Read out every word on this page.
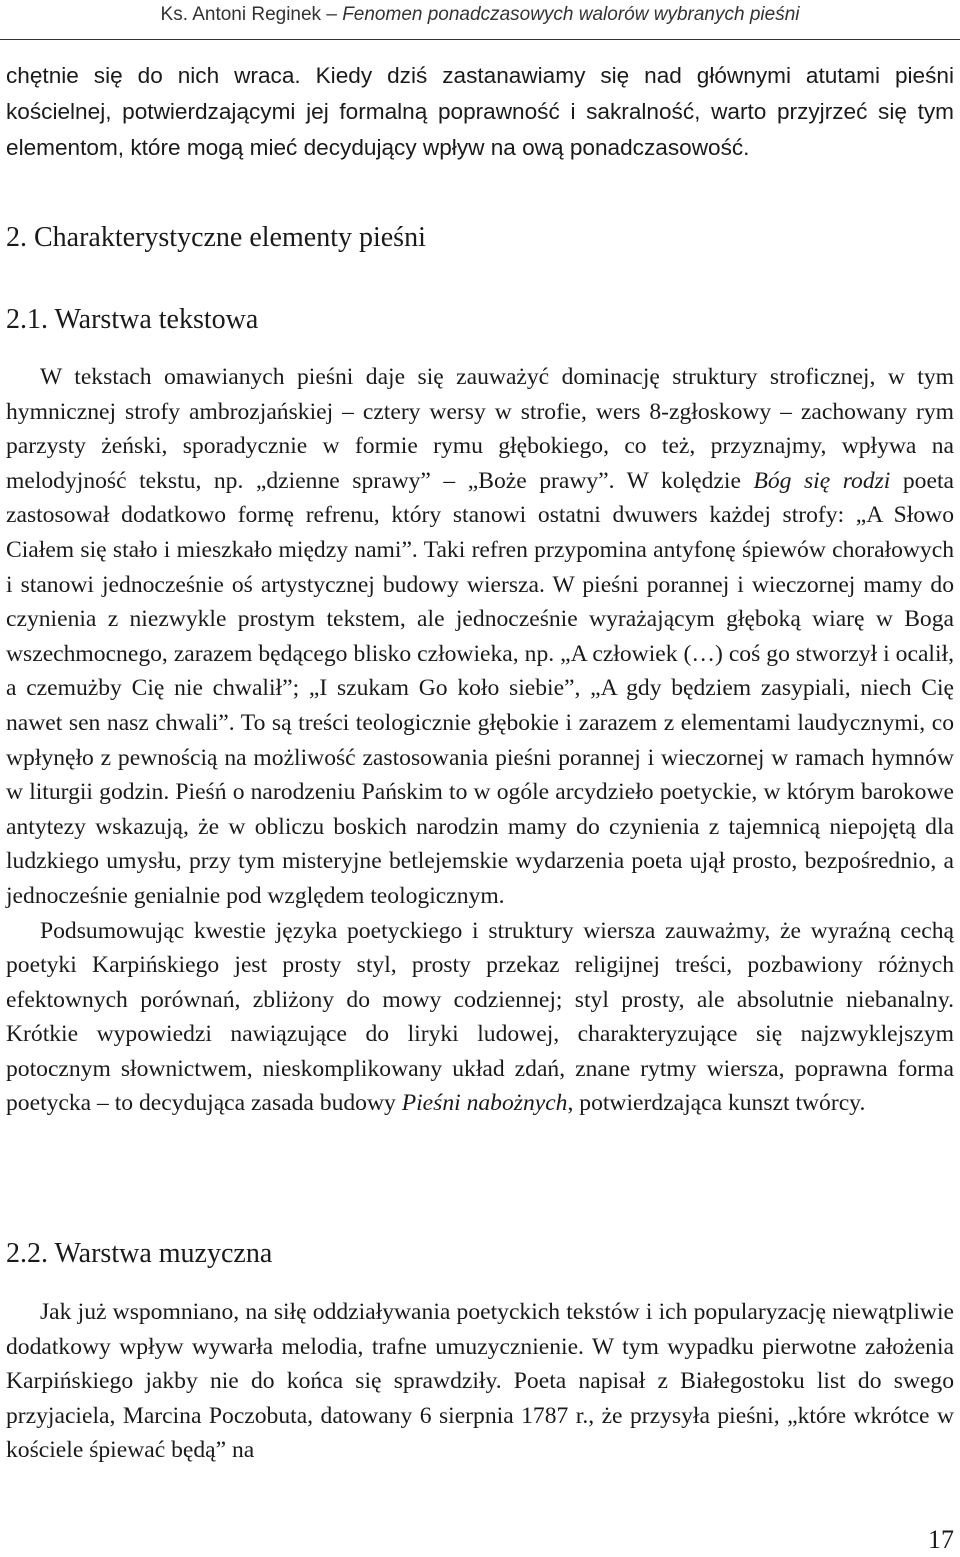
Ks. Antoni Reginek – Fenomen ponadczasowych walorów wybranych pieśni

chętnie się do nich wraca. Kiedy dziś zastanawiamy się nad głównymi atutami pieśni kościelnej, potwierdzającymi jej formalną poprawność i sakralność, warto przyjrzeć się tym elementom, które mogą mieć decydujący wpływ na ową ponadczasowość.

2. Charakterystyczne elementy pieśni
2.1. Warstwa tekstowa

W tekstach omawianych pieśni daje się zauważyć dominację struktury stroficznej, w tym hymnicznej strofy ambrozjańskiej – cztery wersy w strofie, wers 8-zgłoskowy – zachowany rym parzysty żeński, sporadycznie w formie rymu głębokiego, co też, przyznajmy, wpływa na melodyjność tekstu, np. „dzienne sprawy” – „Boże prawy”. W kolędzie Bóg się rodzi poeta zastosował dodatkowo formę refrenu, który stanowi ostatni dwuwers każdej strofy: „A Słowo Ciałem się stało i mieszkało między nami”. Taki refren przypomina antyfonę śpiewów chorałowych i stanowi jednocześnie oś artystycznej budowy wiersza. W pieśni porannej i wieczornej mamy do czynienia z niezwykle prostym tekstem, ale jednocześnie wyrażającym głęboką wiarę w Boga wszechmocnego, zarazem będącego blisko człowieka, np. „A człowiek (…) coś go stworzył i ocalił, a czemużby Cię nie chwalił”; „I szukam Go koło siebie”, „A gdy będziem zasypiali, niech Cię nawet sen nasz chwali”. To są treści teologicznie głębokie i zarazem z elementami laudycznymi, co wpłynęło z pewnością na możliwość zastosowania pieśni porannej i wieczornej w ramach hymnów w liturgii godzin. Pieśń o narodzeniu Pańskim to w ogóle arcydzieło poetyckie, w którym barokowe antytezy wskazują, że w obliczu boskich narodzin mamy do czynienia z tajemnicą niepojętą dla ludzkiego umysłu, przy tym misteryjne betlejemskie wydarzenia poeta ujął prosto, bezpośrednio, a jednocześnie genialnie pod względem teologicznym.

Podsumowując kwestie języka poetyckiego i struktury wiersza zauważmy, że wyraźną cechą poetyki Karpińskiego jest prosty styl, prosty przekaz religijnej treści, pozbawiony różnych efektownych porównań, zbliżony do mowy codziennej; styl prosty, ale absolutnie niebanalny. Krótkie wypowiedzi nawiązujące do liryki ludowej, charakteryzujące się najzwyklejszym potocznym słownictwem, nieskomplikowany układ zdań, znane rytmy wiersza, poprawna forma poetycka – to decydująca zasada budowy Pieśni nabożnych, potwierdzająca kunszt twórcy.

2.2. Warstwa muzyczna

Jak już wspomniano, na siłę oddziaływania poetyckich tekstów i ich popularyzację niewątpliwie dodatkowy wpływ wywarła melodia, trafne umuzycznienie. W tym wypadku pierwotne założenia Karpińskiego jakby nie do końca się sprawdziły. Poeta napisał z Białegostoku list do swego przyjaciela, Marcina Poczobuta, datowany 6 sierpnia 1787 r., że przysyła pieśni, „które wkrótce w kościele śpiewać będą” na

17
